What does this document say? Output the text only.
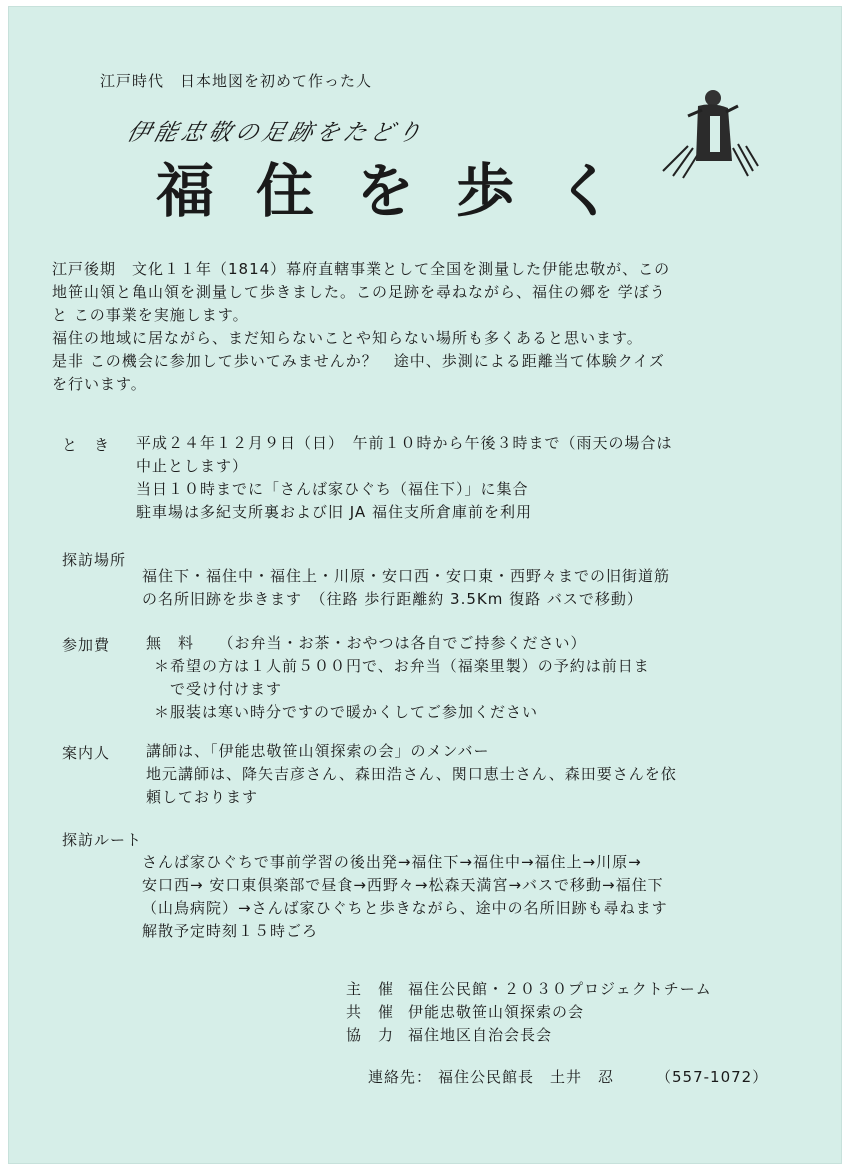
江戸時代　日本地図を初めて作った人
伊能忠敬の足跡をたどり
福住を歩く
江戸後期　文化１１年（1814）幕府直轄事業として全国を測量した伊能忠敬が、この
地笹山領と亀山領を測量して歩きました。この足跡を尋ねながら、福住の郷を 学ぼう
と この事業を実施します。
福住の地域に居ながら、まだ知らないことや知らない場所も多くあると思います。
是非 この機会に参加して歩いてみませんか？　途中、歩測による距離当て体験クイズ
を行います。
と　き 平成２４年１２月９日（日）　午前１０時から午後３時まで（雨天の場合は
中止とします）
当日１０時までに「さんば家ひぐち（福住下）」に集合
駐車場は多紀支所裏および旧 JA 福住支所倉庫前を利用
探訪場所
福住下・福住中・福住上・川原・安口西・安口東・西野々までの旧街道筋
の名所旧跡を歩きます　（往路 歩行距離約 3.5Km 復路 バスで移動）
参加費 無　料　　（お弁当・お茶・おやつは各自でご持参ください）
＊希望の方は１人前５００円で、お弁当（福楽里製）の予約は前日ま
で受け付けます
＊服装は寒い時分ですので暖かくしてご参加ください
案内人 講師は、「伊能忠敬笹山領探索の会」のメンバー
地元講師は、降矢吉彦さん、森田浩さん、関口恵士さん、森田要さんを依
頼しております
探訪ルート
さんば家ひぐちで事前学習の後出発→福住下→福住中→福住上→川原→
安口西→ 安口東倶楽部で昼食→西野々→松森天満宮→バスで移動→福住下
（山鳥病院）→さんば家ひぐちと歩きながら、途中の名所旧跡も尋ねます
解散予定時刻１５時ごろ
主　催 福住公民館・２０３０プロジェクトチーム
共　催 伊能忠敬笹山領探索の会
協　力 福住地区自治会長会
連絡先： 福住公民館長　土井　忍	（557-1072）
